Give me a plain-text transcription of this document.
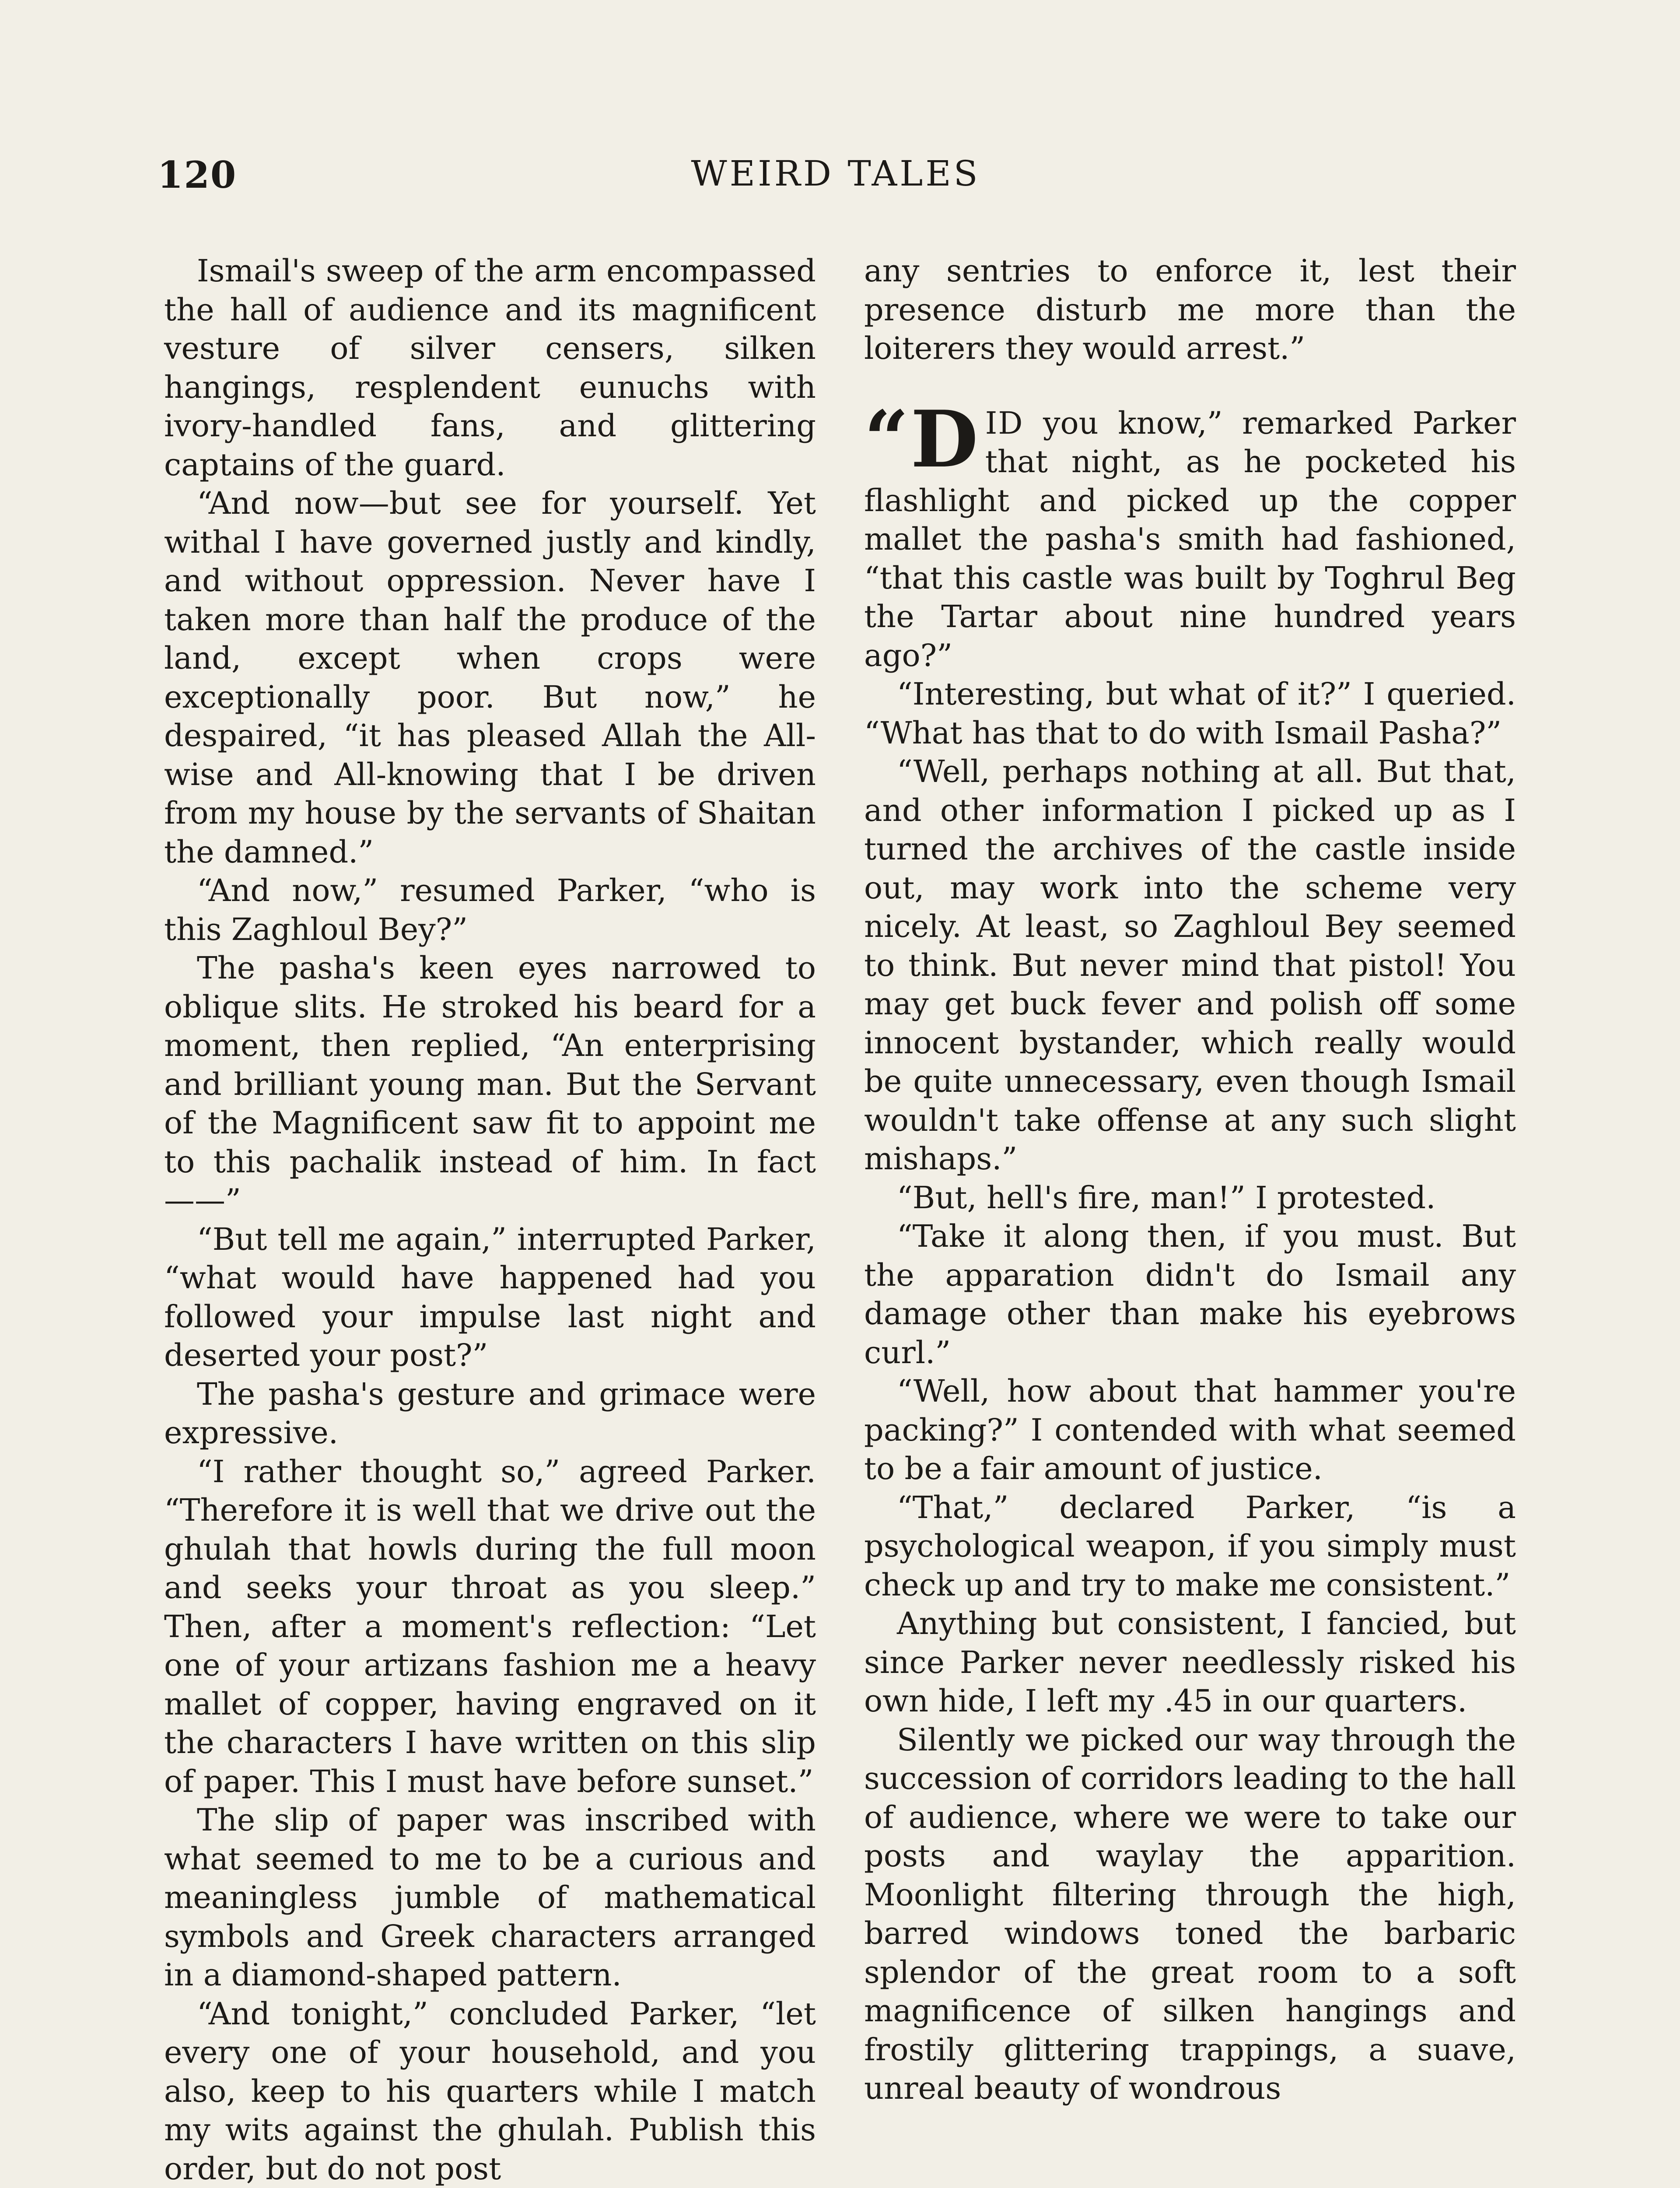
120	WEIRD TALES

Ismail's sweep of the arm encompassed the hall of audience and its magnificent vesture of silver censers, silken hangings, resplendent eunuchs with ivory-handled fans, and glittering captains of the guard.

“And now—but see for yourself. Yet withal I have governed justly and kindly, and without oppression. Never have I taken more than half the produce of the land, except when crops were exceptionally poor. But now,” he despaired, “it has pleased Allah the All-wise and All-knowing that I be driven from my house by the servants of Shaitan the damned.”

“And now,” resumed Parker, “who is this Zaghloul Bey?”

The pasha's keen eyes narrowed to oblique slits. He stroked his beard for a moment, then replied, “An enterprising and brilliant young man. But the Servant of the Magnificent saw fit to appoint me to this pachalik instead of him. In fact——”

“But tell me again,” interrupted Parker, “what would have happened had you followed your impulse last night and deserted your post?”

The pasha's gesture and grimace were expressive.

“I rather thought so,” agreed Parker. “Therefore it is well that we drive out the ghulah that howls during the full moon and seeks your throat as you sleep.” Then, after a moment's reflection: “Let one of your artizans fashion me a heavy mallet of copper, having engraved on it the characters I have written on this slip of paper. This I must have before sunset.”

The slip of paper was inscribed with what seemed to me to be a curious and meaningless jumble of mathematical symbols and Greek characters arranged in a diamond-shaped pattern.

“And tonight,” concluded Parker, “let every one of your household, and you also, keep to his quarters while I match my wits against the ghulah. Publish this order, but do not post

any sentries to enforce it, lest their presence disturb me more than the loiterers they would arrest.”

“D ID you know,” remarked Parker that night, as he pocketed his flashlight and picked up the copper mallet the pasha's smith had fashioned, “that this castle was built by Toghrul Beg the Tartar about nine hundred years ago?”

“Interesting, but what of it?” I queried. “What has that to do with Ismail Pasha?”

“Well, perhaps nothing at all. But that, and other information I picked up as I turned the archives of the castle inside out, may work into the scheme very nicely. At least, so Zaghloul Bey seemed to think. But never mind that pistol! You may get buck fever and polish off some innocent bystander, which really would be quite unnecessary, even though Ismail wouldn't take offense at any such slight mishaps.”

“But, hell's fire, man!” I protested.

“Take it along then, if you must. But the apparation didn't do Ismail any damage other than make his eyebrows curl.”

“Well, how about that hammer you're packing?” I contended with what seemed to be a fair amount of justice.

“That,” declared Parker, “is a psychological weapon, if you simply must check up and try to make me consistent.”

Anything but consistent, I fancied, but since Parker never needlessly risked his own hide, I left my .45 in our quarters.

Silently we picked our way through the succession of corridors leading to the hall of audience, where we were to take our posts and waylay the apparition. Moonlight filtering through the high, barred windows toned the barbaric splendor of the great room to a soft magnificence of silken hangings and frostily glittering trappings, a suave, unreal beauty of wondrous
